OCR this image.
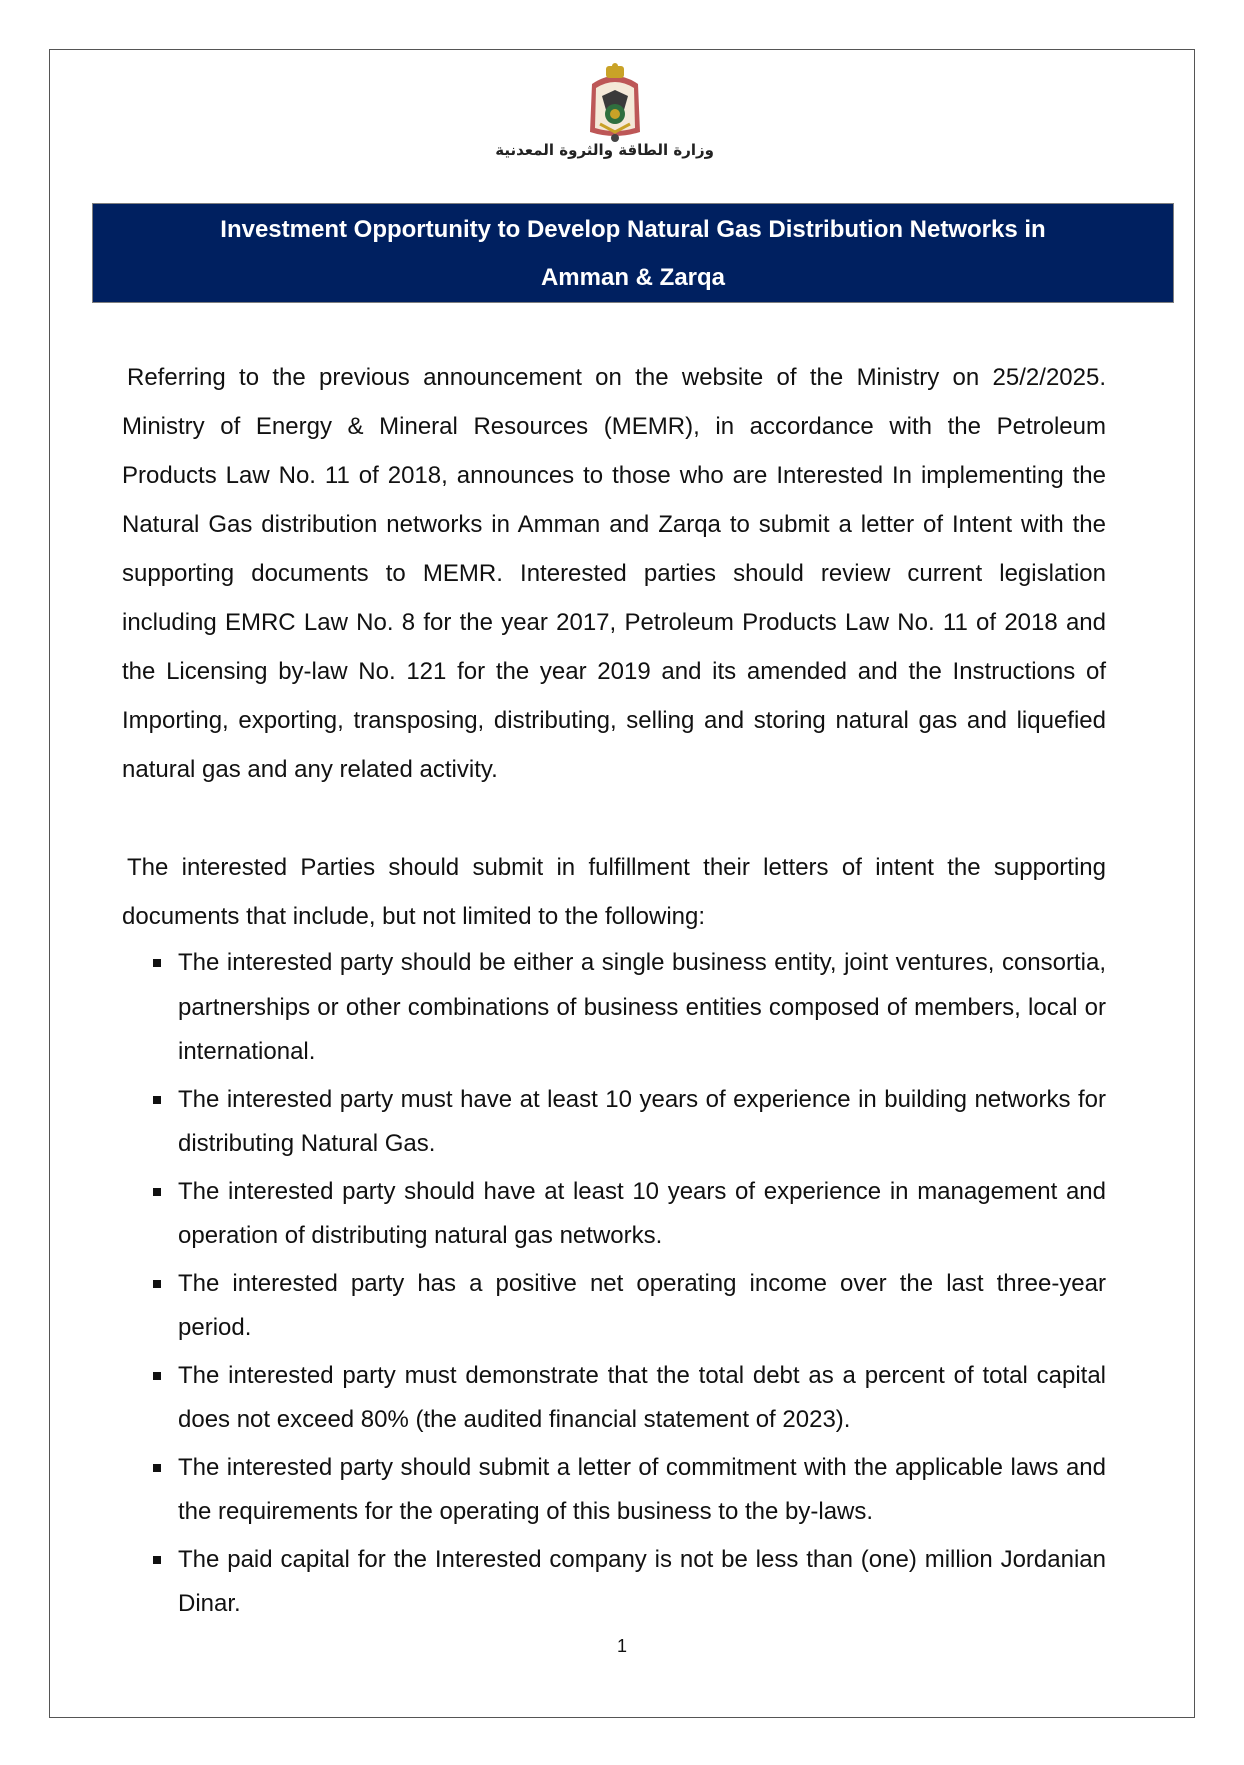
وزارة الطاقة والثروة المعدنية
Investment Opportunity to Develop Natural Gas Distribution Networks in
Amman & Zarqa
Referring to the previous announcement on the website of the Ministry on 25/2/2025. Ministry of Energy & Mineral Resources (MEMR), in accordance with the Petroleum Products Law No. 11 of 2018, announces to those who are Interested In implementing the Natural Gas distribution networks in Amman and Zarqa to submit a letter of Intent with the supporting documents to MEMR. Interested parties should review current legislation including EMRC Law No. 8 for the year 2017, Petroleum Products Law No. 11 of 2018 and the Licensing by-law No. 121 for the year 2019 and its amended and the Instructions of Importing, exporting, transposing, distributing, selling and storing natural gas and liquefied natural gas and any related activity.
The interested Parties should submit in fulfillment their letters of intent the supporting documents that include, but not limited to the following:
The interested party should be either a single business entity, joint ventures, consortia, partnerships or other combinations of business entities composed of members, local or international.
The interested party must have at least 10 years of experience in building networks for distributing Natural Gas.
The interested party should have at least 10 years of experience in management and operation of distributing natural gas networks.
The interested party has a positive net operating income over the last three-year period.
The interested party must demonstrate that the total debt as a percent of total capital does not exceed 80% (the audited financial statement of 2023).
The interested party should submit a letter of commitment with the applicable laws and the requirements for the operating of this business to the by-laws.
The paid capital for the Interested company is not be less than (one) million Jordanian Dinar.
1
